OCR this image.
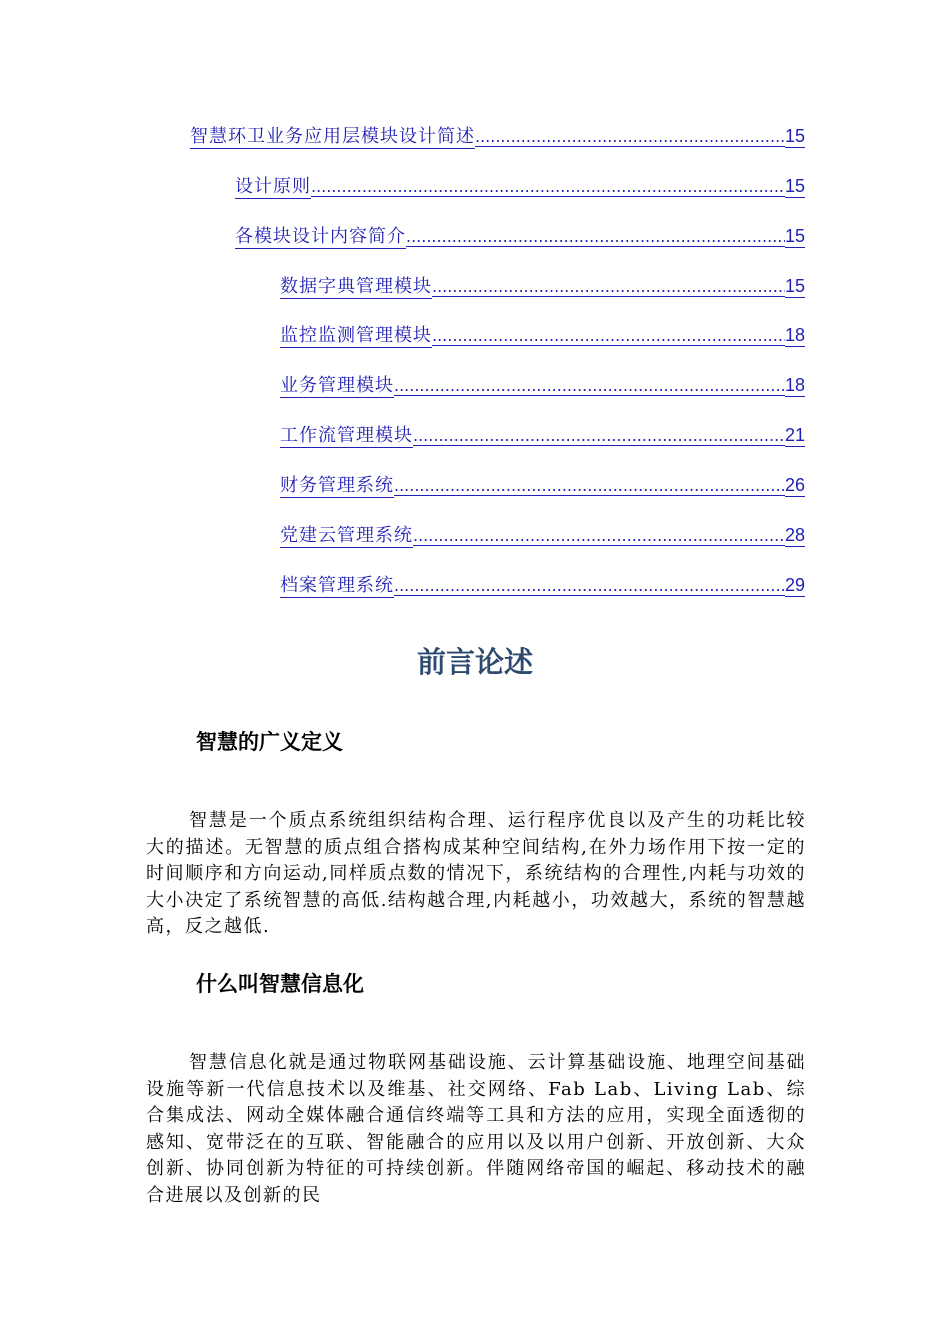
智慧环卫业务应用层模块设计简述 .....	15
设计原则 .....	15
各模块设计内容简介 .....	15
数据字典管理模块 .....	15
监控监测管理模块 .....	18
业务管理模块 .....	18
工作流管理模块 .....	21
财务管理系统 .....	26
党建云管理系统 .....	28
档案管理系统 .....	29
前言论述
智慧的广义定义
智慧是一个质点系统组织结构合理、运行程序优良以及产生的功耗比较大的描述。无智慧的质点组合搭构成某种空间结构,在外力场作用下按一定的时间顺序和方向运动,同样质点数的情况下，系统结构的合理性,内耗与功效的大小决定了系统智慧的高低.结构越合理,内耗越小，功效越大，系统的智慧越高，反之越低.
什么叫智慧信息化
智慧信息化就是通过物联网基础设施、云计算基础设施、地理空间基础设施等新一代信息技术以及维基、社交网络、Fab Lab、Living Lab、综合集成法、网动全媒体融合通信终端等工具和方法的应用，实现全面透彻的感知、宽带泛在的互联、智能融合的应用以及以用户创新、开放创新、大众创新、协同创新为特征的可持续创新。伴随网络帝国的崛起、移动技术的融合进展以及创新的民
